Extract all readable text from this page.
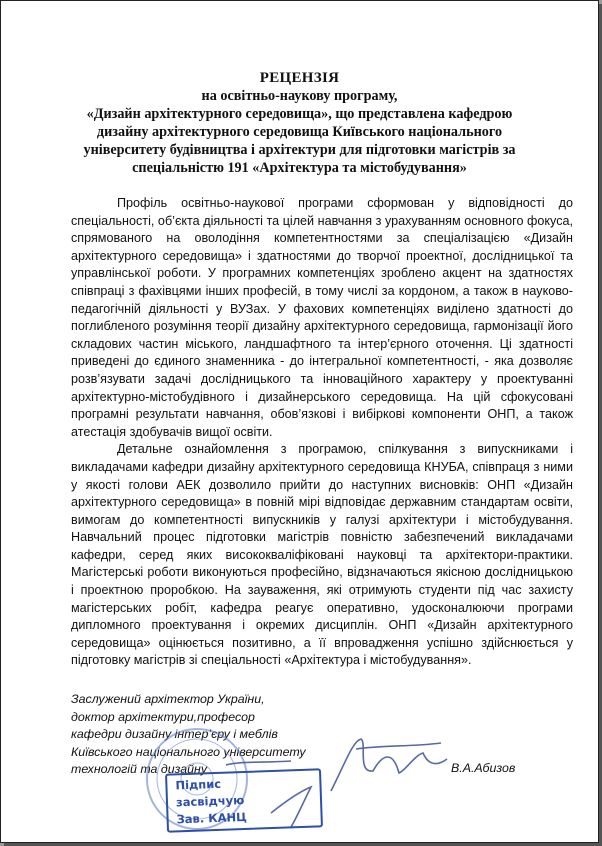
РЕЦЕНЗІЯ
на освітньо-наукову програму,
«Дизайн архітектурного середовища», що представлена кафедрою
дизайну архітектурного середовища Київського національного
університету будівництва і архітектури для підготовки магістрів за
спеціальністю 191 «Архітектура та містобудування»

Профіль освітньо-наукової програми сформован у відповідності до спеціальності, об’єкта діяльності та цілей навчання з урахуванням основного фокуса, спрямованого на оволодіння компетентностями за спеціалізацією «Дизайн архітектурного середовища» і здатностями до творчої проектної, дослідницької та управлінської роботи. У програмних компетенціях зроблено акцент на здатностях співпраці з фахівцями інших професій, в тому числі за кордоном, а також в науково-педагогічній діяльності у ВУЗах. У фахових компетенціях виділено здатності до поглибленого розуміння теорії дизайну архітектурного середовища, гармонізації його складових частин міського, ландшафтного та інтер’єрного оточення. Ці здатності приведені до єдиного знаменника - до інтегральної компетентності, - яка дозволяє розв’язувати задачі дослідницького та інноваційного характеру у проектуванні архітектурно-містобудівного і дизайнерського середовища. На цій сфокусовані програмні результати навчання, обов’язкові і вибіркові компоненти ОНП, а також атестація здобувачів вищої освіти.

Детальне ознайомлення з програмою, спілкування з випускниками і викладачами кафедри дизайну архітектурного середовища КНУБА, співпраця з ними у якості голови АЕК дозволило прийти до наступних висновків: ОНП «Дизайн архітектурного середовища» в повній мірі відповідає державним стандартам освіти, вимогам до компетентності випускників у галузі архітектури і містобудування. Навчальний процес підготовки магістрів повністю забезпечений викладачами кафедри, серед яких висококваліфіковані науковці та архітектори-практики. Магістерські роботи виконуються професійно, відзначаються якісною дослідницькою і проектною проробкою. На зауваження, які отримують студенти під час захисту магістерських робіт, кафедра реагує оперативно, удосконалюючи програми дипломного проектування і окремих дисциплін. ОНП «Дизайн архітектурного середовища» оцінюється позитивно, а її впровадження успішно здійснюється у підготовку магістрів зі спеціальності «Архітектура і містобудування».

Заслужений архітектор України,
доктор архітектури,професор
кафедри дизайну інтер’єру і меблів
Київського національного університету
технологій та дизайну	В.А.Абизов
Підпис
засвідчую
Зав. КАНЦ
